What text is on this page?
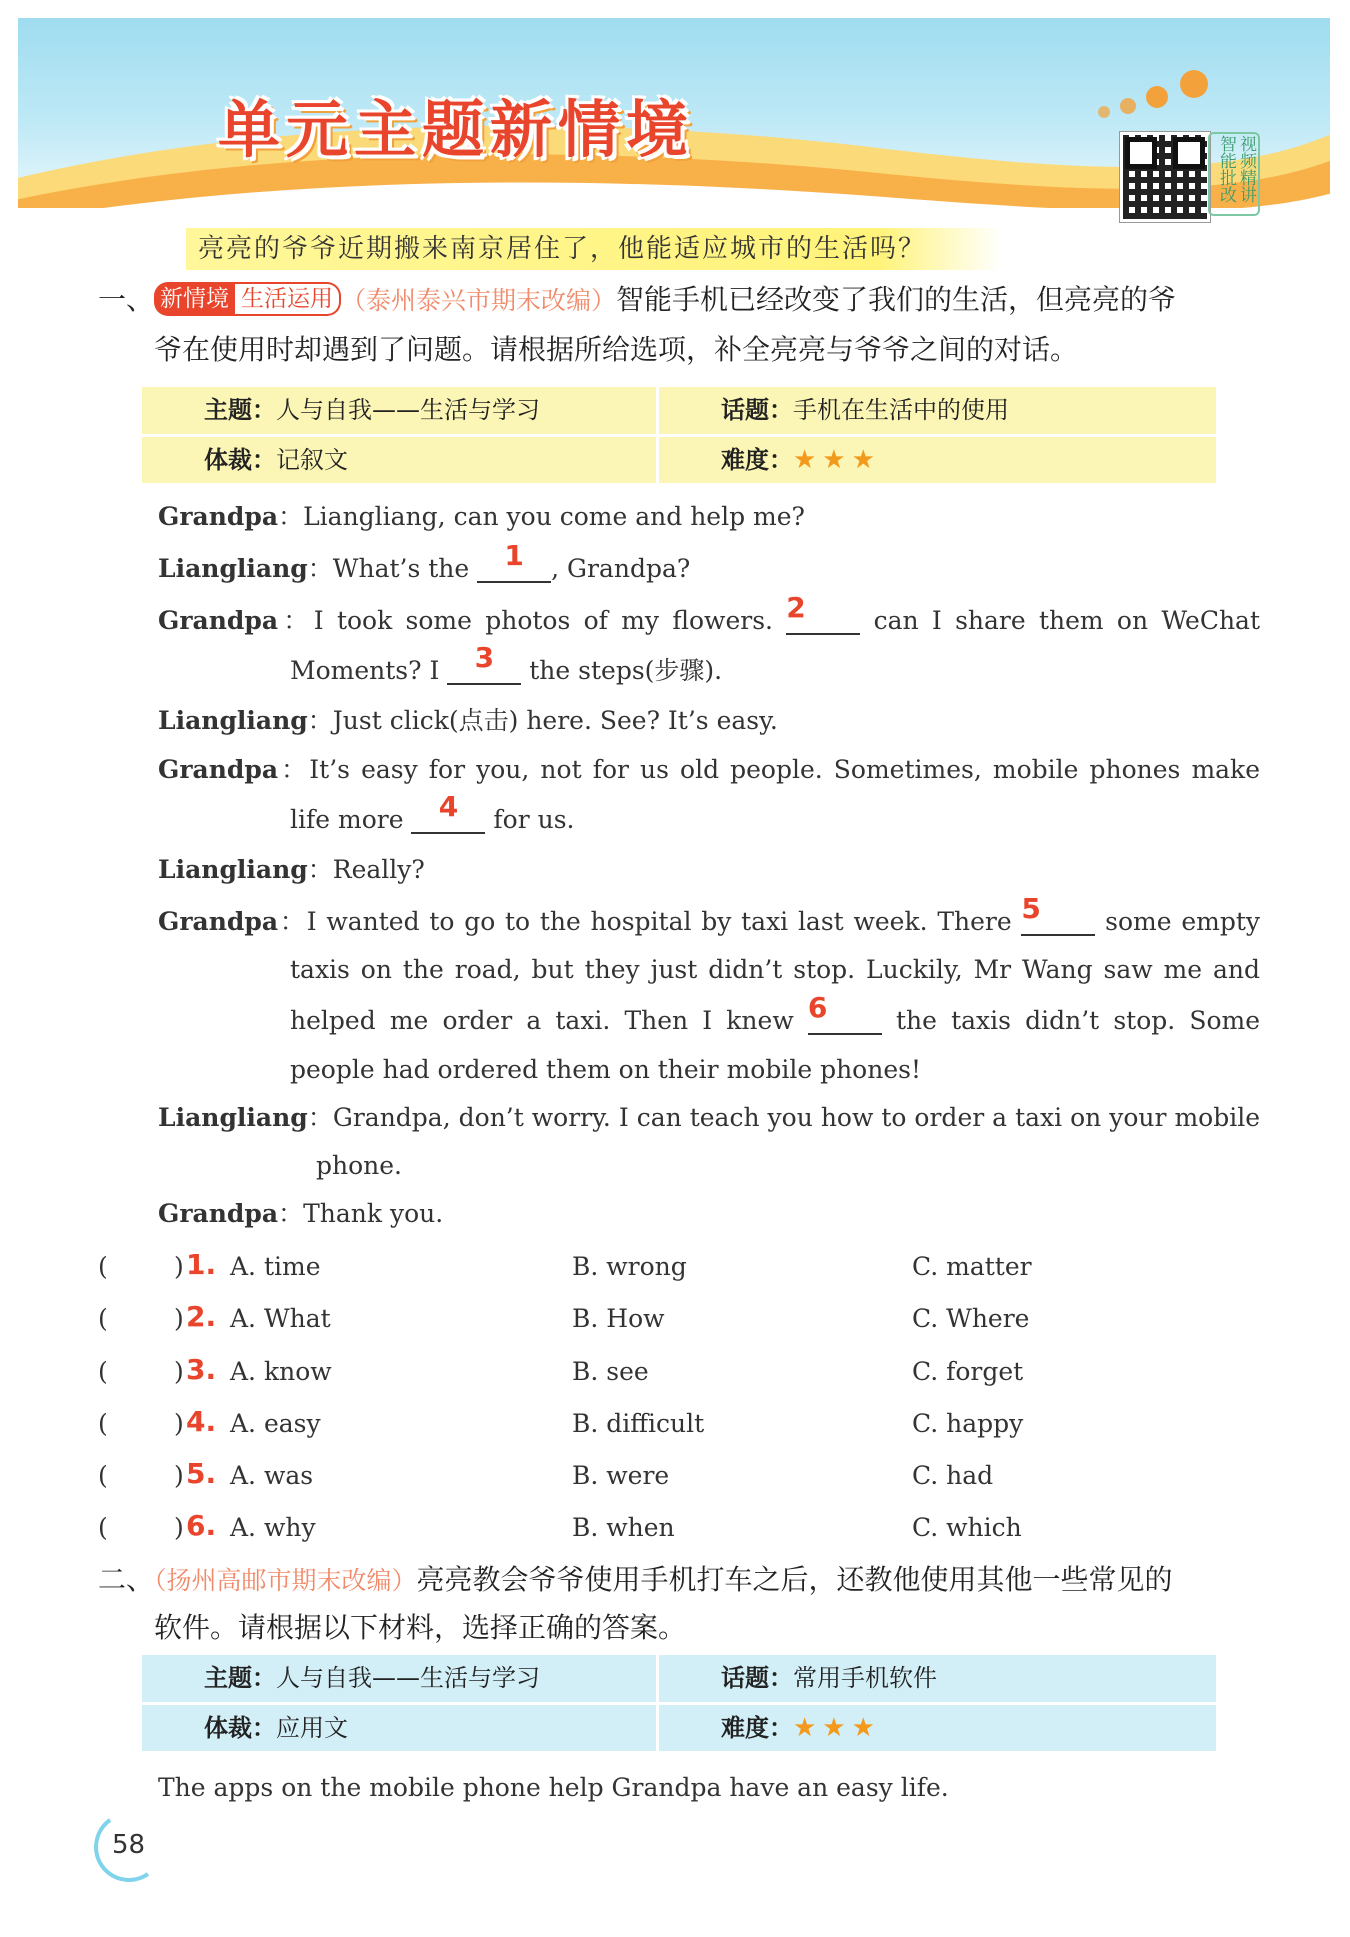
单元主题新情境
视频精讲智能批改
亮亮的爷爷近期搬来南京居住了，他能适应城市的生活吗？
一、 新情境 生活运用 （泰州泰兴市期末改编）智能手机已经改变了我们的生活，但亮亮的爷
爷在使用时却遇到了问题。请根据所给选项，补全亮亮与爷爷之间的对话。
主题：人与自我——生活与学习	话题：手机在生活中的使用
体裁：记叙文	难度：★★★
Grandpa：Liangliang, can you come and help me?
Liangliang：What’s the	1	, Grandpa?
Grandpa：I took some photos of my flowers. 2	can I share them on WeChat
Moments? I	3	the steps(步骤).
Liangliang：Just click(点击) here. See? It’s easy.
Grandpa：It’s easy for you, not for us old people. Sometimes, mobile phones make
life more	4	for us.
Liangliang：Really?
Grandpa：I wanted to go to the hospital by taxi last week. There 5	some empty
taxis on the road, but they just didn’t stop. Luckily, Mr Wang saw me and
helped me order a taxi. Then I knew 6	the taxis didn’t stop. Some
people had ordered them on their mobile phones!
Liangliang：Grandpa, don’t worry. I can teach you how to order a taxi on your mobile
phone.
Grandpa：Thank you.
(	) 1. A. time	B. wrong	C. matter
(	) 2. A. What	B. How	C. Where
(	) 3. A. know	B. see	C. forget
(	) 4. A. easy	B. difficult	C. happy
(	) 5. A. was	B. were	C. had
(	) 6. A. why	B. when	C. which
二、（扬州高邮市期末改编）亮亮教会爷爷使用手机打车之后，还教他使用其他一些常见的
软件。请根据以下材料，选择正确的答案。
主题：人与自我——生活与学习	话题：常用手机软件
体裁：应用文	难度：★★★
The apps on the mobile phone help Grandpa have an easy life.
58
